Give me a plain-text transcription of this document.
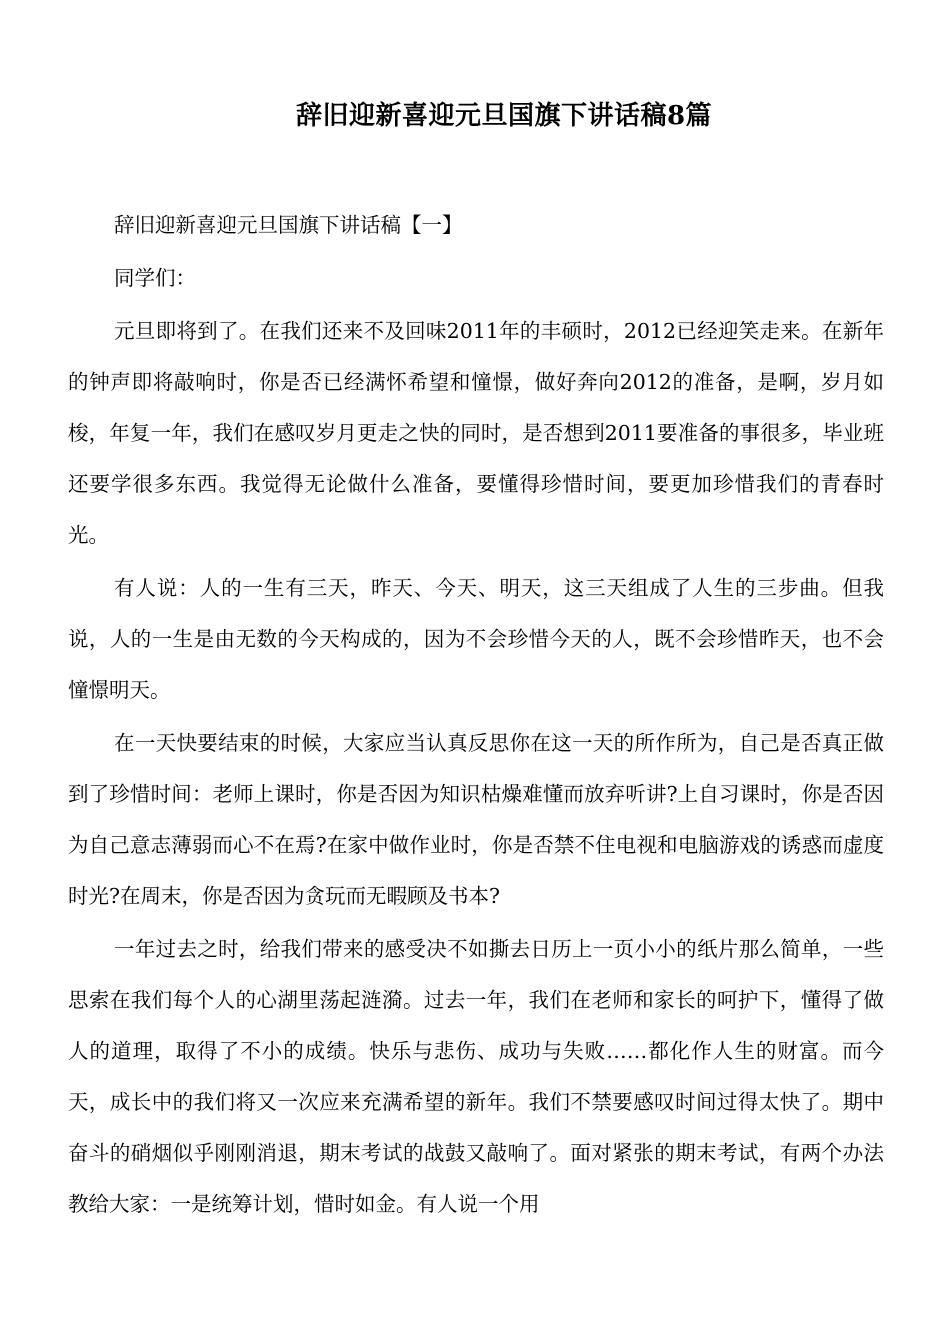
辞旧迎新喜迎元旦国旗下讲话稿8篇

辞旧迎新喜迎元旦国旗下讲话稿【一】

同学们：

元旦即将到了。在我们还来不及回味2011年的丰硕时，2012已经迎笑走来。在新年的钟声即将敲响时，你是否已经满怀希望和憧憬，做好奔向2012的准备，是啊，岁月如梭，年复一年，我们在感叹岁月更走之快的同时，是否想到2011要准备的事很多，毕业班还要学很多东西。我觉得无论做什么准备，要懂得珍惜时间，要更加珍惜我们的青春时光。

有人说：人的一生有三天，昨天、今天、明天，这三天组成了人生的三步曲。但我说，人的一生是由无数的今天构成的，因为不会珍惜今天的人，既不会珍惜昨天，也不会憧憬明天。

在一天快要结束的时候，大家应当认真反思你在这一天的所作所为，自己是否真正做到了珍惜时间：老师上课时，你是否因为知识枯燥难懂而放弃听讲?上自习课时，你是否因为自己意志薄弱而心不在焉?在家中做作业时，你是否禁不住电视和电脑游戏的诱惑而虚度时光?在周末，你是否因为贪玩而无暇顾及书本?

一年过去之时，给我们带来的感受决不如撕去日历上一页小小的纸片那么简单，一些思索在我们每个人的心湖里荡起涟漪。过去一年，我们在老师和家长的呵护下，懂得了做人的道理，取得了不小的成绩。快乐与悲伤、成功与失败……都化作人生的财富。而今天，成长中的我们将又一次应来充满希望的新年。我们不禁要感叹时间过得太快了。期中奋斗的硝烟似乎刚刚消退，期末考试的战鼓又敲响了。面对紧张的期末考试，有两个办法教给大家：一是统筹计划，惜时如金。有人说一个用
